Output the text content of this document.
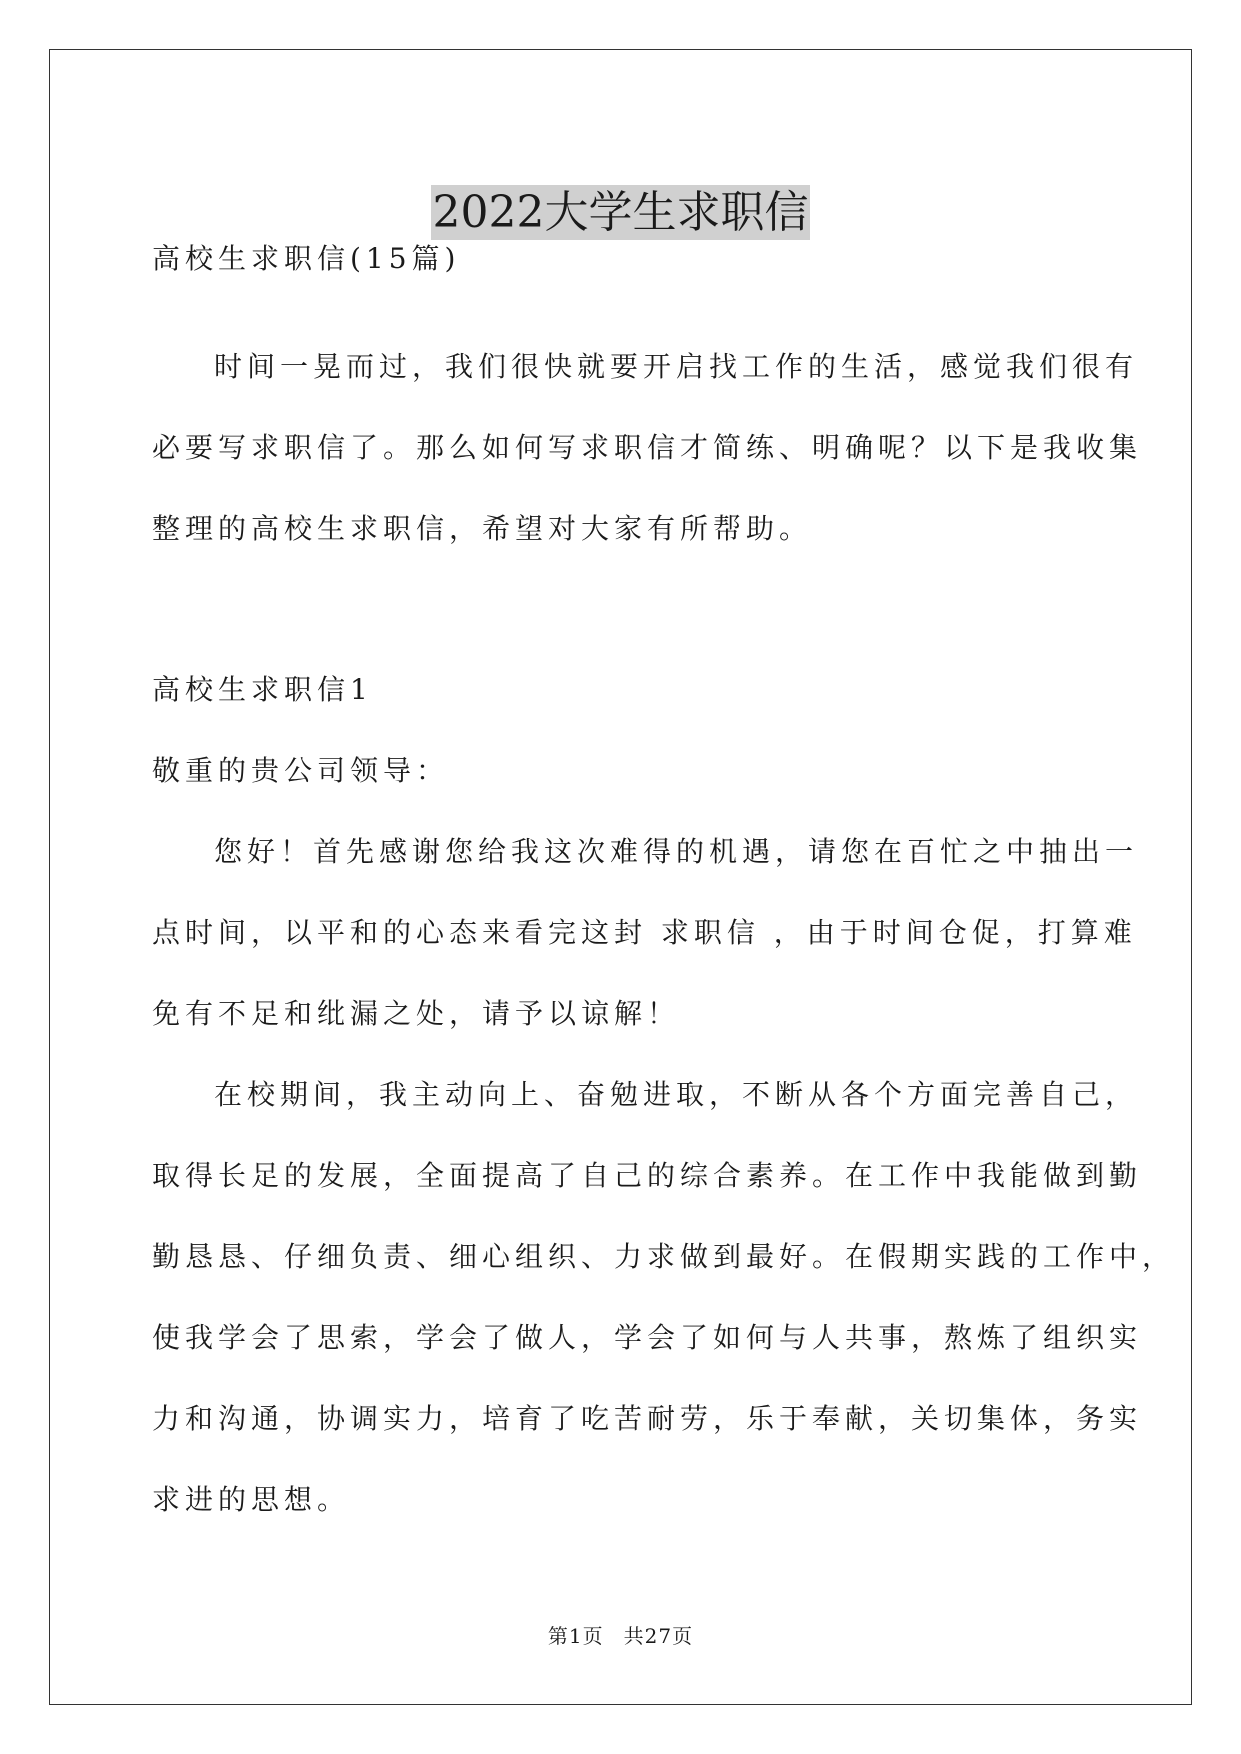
2022大学生求职信
高校生求职信(15篇)
时间一晃而过，我们很快就要开启找工作的生活，感觉我们很有
必要写求职信了。那么如何写求职信才简练、明确呢？以下是我收集
整理的高校生求职信，希望对大家有所帮助。
高校生求职信1
敬重的贵公司领导：
您好！首先感谢您给我这次难得的机遇，请您在百忙之中抽出一
点时间，以平和的心态来看完这封 求职信 ，由于时间仓促，打算难
免有不足和纰漏之处，请予以谅解！
在校期间，我主动向上、奋勉进取，不断从各个方面完善自己，
取得长足的发展，全面提高了自己的综合素养。在工作中我能做到勤
勤恳恳、仔细负责、细心组织、力求做到最好。在假期实践的工作中，
使我学会了思索，学会了做人，学会了如何与人共事，熬炼了组织实
力和沟通，协调实力，培育了吃苦耐劳，乐于奉献，关切集体，务实
求进的思想。
第1页 共27页
